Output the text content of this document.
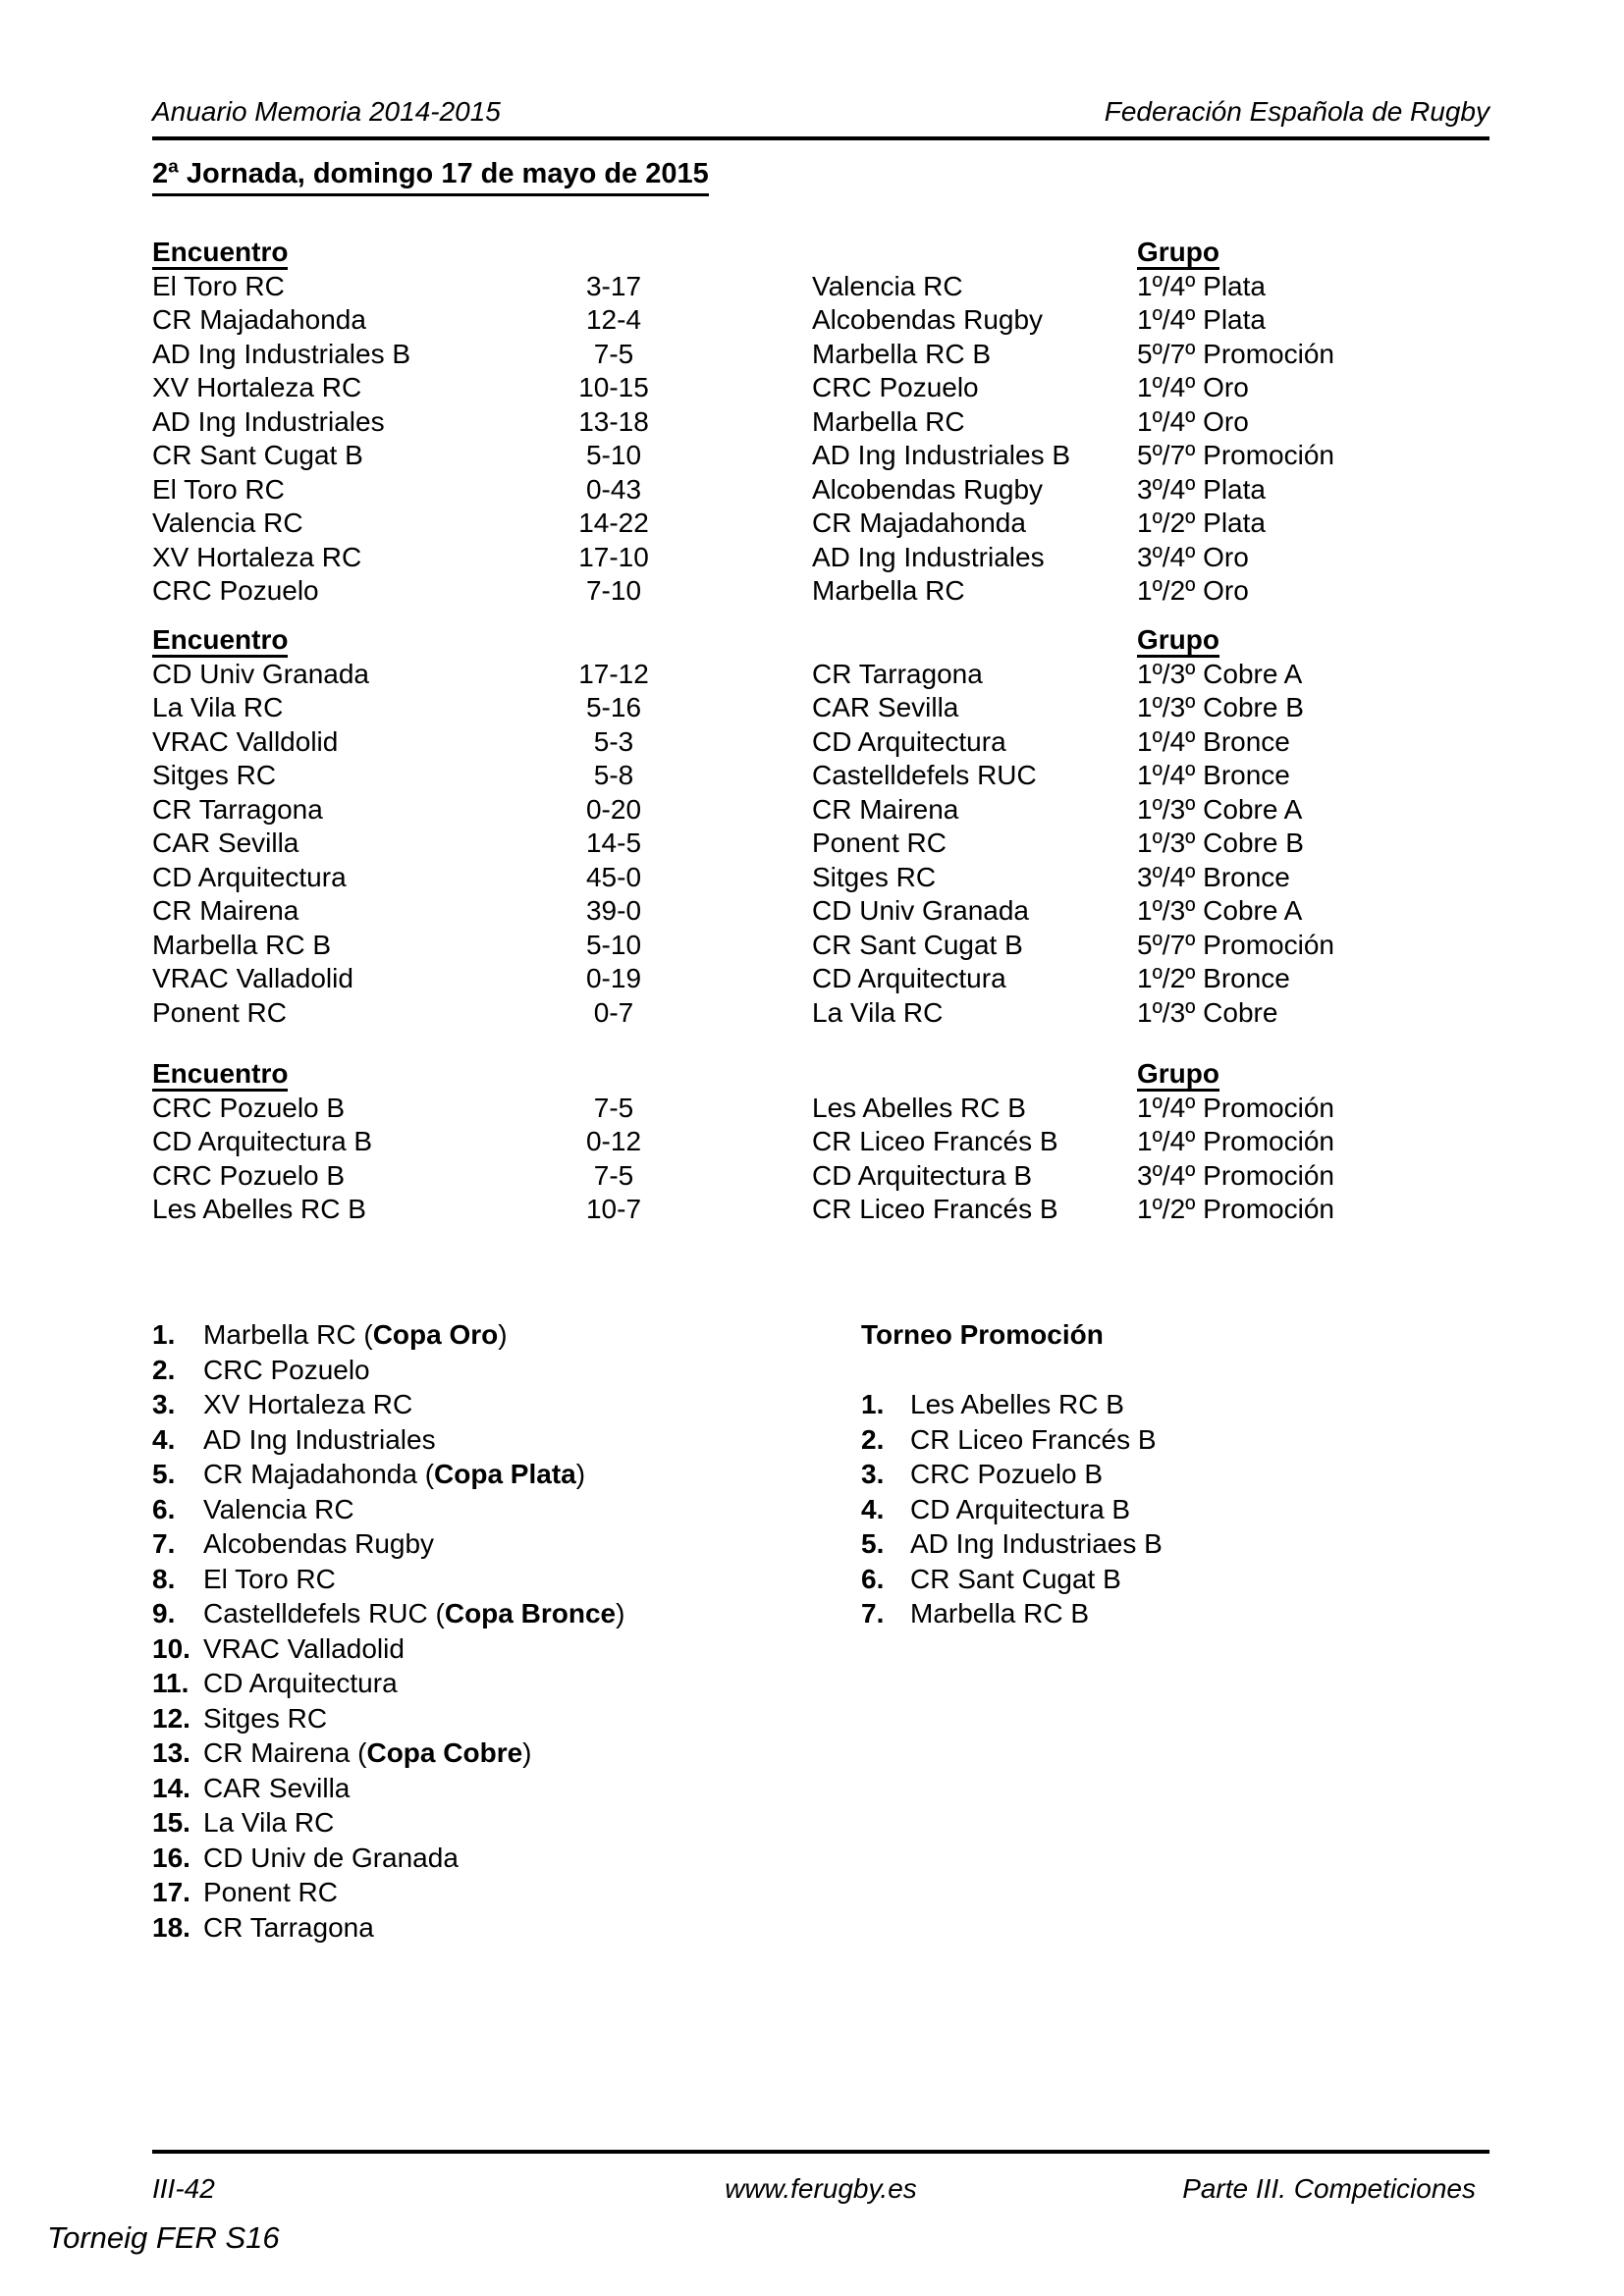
Anuario Memoria 2014-2015	Federación Española de Rugby
2ª Jornada, domingo 17 de mayo de 2015
Encuentro	Grupo
El Toro RC	3-17	Valencia RC	1º/4º Plata
CR Majadahonda	12-4	Alcobendas Rugby	1º/4º Plata
AD Ing Industriales B	7-5	Marbella RC B	5º/7º Promoción
XV Hortaleza RC	10-15	CRC Pozuelo	1º/4º Oro
AD Ing Industriales	13-18	Marbella RC	1º/4º Oro
CR Sant Cugat B	5-10	AD Ing Industriales B	5º/7º Promoción
El Toro RC	0-43	Alcobendas Rugby	3º/4º Plata
Valencia RC	14-22	CR Majadahonda	1º/2º Plata
XV Hortaleza RC	17-10	AD Ing Industriales	3º/4º Oro
CRC Pozuelo	7-10	Marbella RC	1º/2º Oro
Encuentro	Grupo
CD Univ Granada	17-12	CR Tarragona	1º/3º Cobre A
La Vila RC	5-16	CAR Sevilla	1º/3º Cobre B
VRAC Valldolid	5-3	CD Arquitectura	1º/4º Bronce
Sitges RC	5-8	Castelldefels RUC	1º/4º Bronce
CR Tarragona	0-20	CR Mairena	1º/3º Cobre A
CAR Sevilla	14-5	Ponent RC	1º/3º Cobre B
CD Arquitectura	45-0	Sitges RC	3º/4º Bronce
CR Mairena	39-0	CD Univ Granada	1º/3º Cobre A
Marbella RC B	5-10	CR Sant Cugat B	5º/7º Promoción
VRAC Valladolid	0-19	CD Arquitectura	1º/2º Bronce
Ponent RC	0-7	La Vila RC	1º/3º Cobre
Encuentro	Grupo
CRC Pozuelo B	7-5	Les Abelles RC B	1º/4º Promoción
CD Arquitectura B	0-12	CR Liceo Francés B	1º/4º Promoción
CRC Pozuelo B	7-5	CD Arquitectura B	3º/4º Promoción
Les Abelles RC B	10-7	CR Liceo Francés B	1º/2º Promoción
1.	Marbella RC (Copa Oro)
2.	CRC Pozuelo
3.	XV Hortaleza RC
4.	AD Ing Industriales
5.	CR Majadahonda (Copa Plata)
6.	Valencia RC
7.	Alcobendas Rugby
8.	El Toro RC
9.	Castelldefels RUC (Copa Bronce)
10. VRAC Valladolid
11. CD Arquitectura
12. Sitges RC
13. CR Mairena (Copa Cobre)
14. CAR Sevilla
15. La Vila RC
16. CD Univ de Granada
17. Ponent RC
18. CR Tarragona
Torneo Promoción
1. Les Abelles RC B
2. CR Liceo Francés B
3. CRC Pozuelo B
4. CD Arquitectura B
5. AD Ing Industriaes B
6. CR Sant Cugat B
7. Marbella RC B
III-42	www.ferugby.es	Parte III. Competiciones
Torneig FER S16
